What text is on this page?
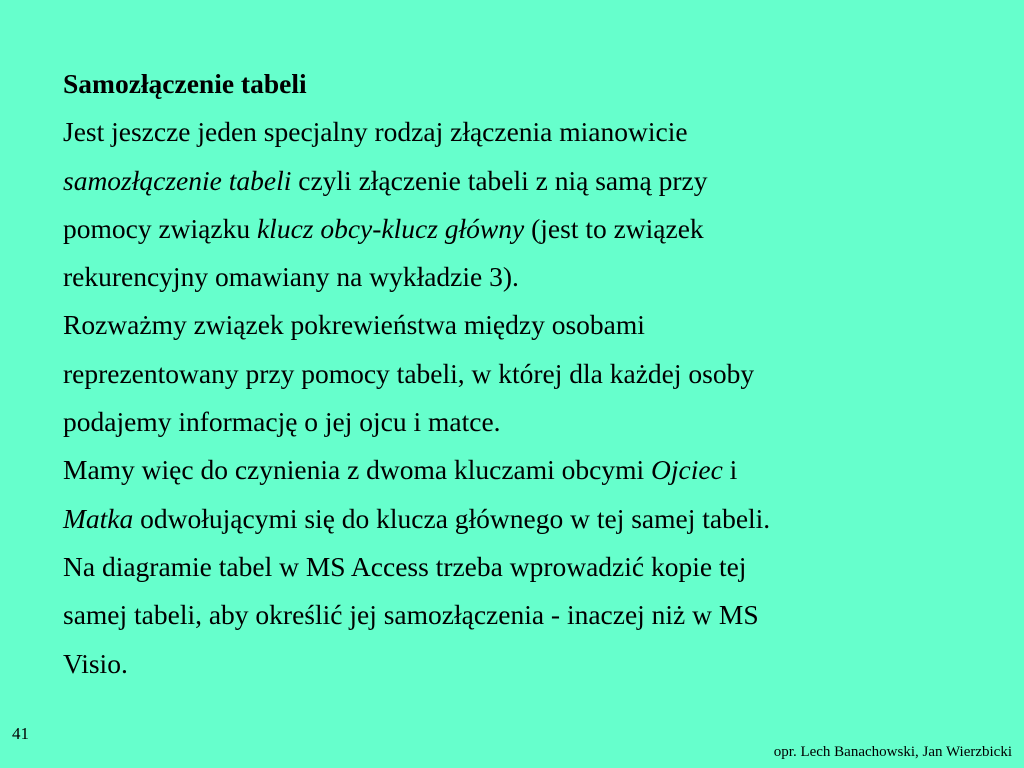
Samozłączenie tabeli
Jest jeszcze jeden specjalny rodzaj złączenia mianowicie
samozłączenie tabeli czyli złączenie tabeli z nią samą przy
pomocy związku klucz obcy-klucz główny (jest to związek
rekurencyjny omawiany na wykładzie 3).
Rozważmy związek pokrewieństwa między osobami
reprezentowany przy pomocy tabeli, w której dla każdej osoby
podajemy informację o jej ojcu i matce.
Mamy więc do czynienia z dwoma kluczami obcymi Ojciec i
Matka odwołującymi się do klucza głównego w tej samej tabeli.
Na diagramie tabel w MS Access trzeba wprowadzić kopie tej
samej tabeli, aby określić jej samozłączenia - inaczej niż w MS
Visio.
41
opr. Lech Banachowski, Jan Wierzbicki
